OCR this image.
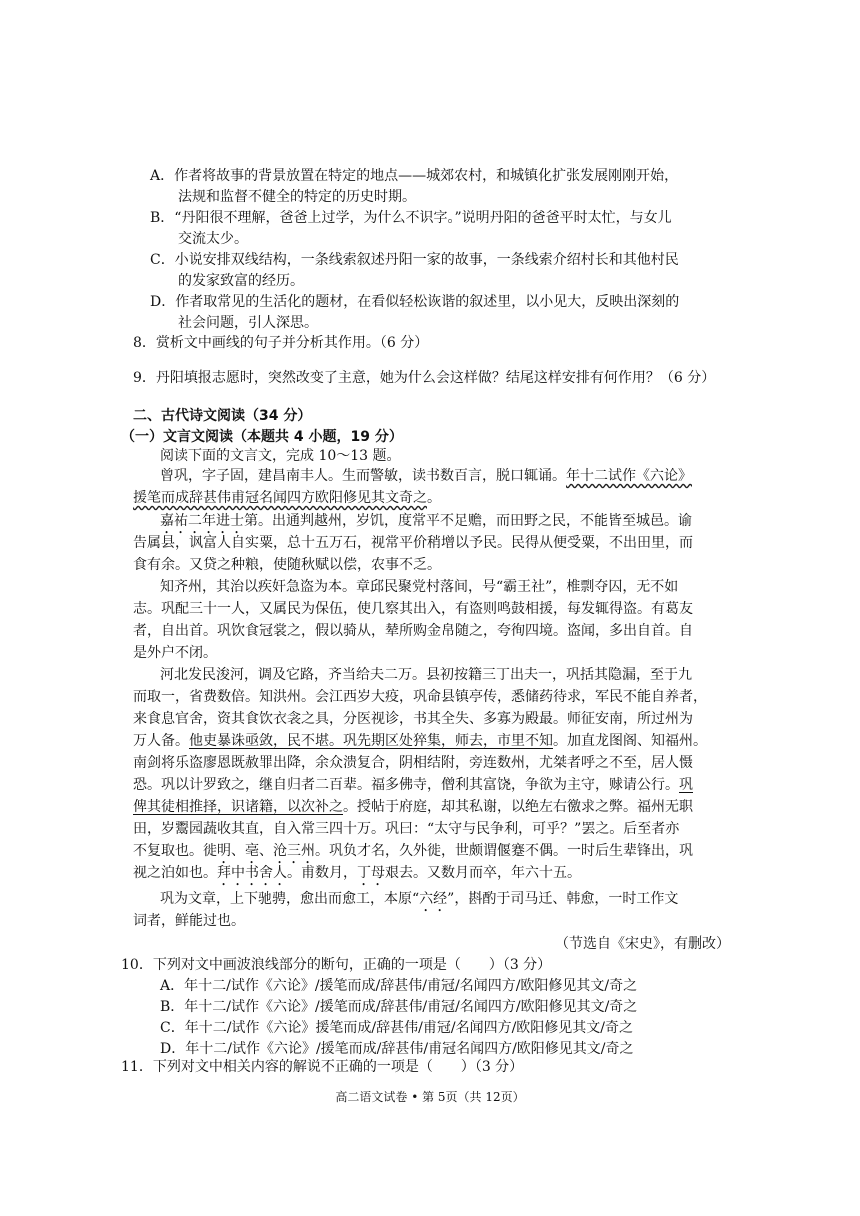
A．作者将故事的背景放置在特定的地点——城郊农村，和城镇化扩张发展刚刚开始，
法规和监督不健全的特定的历史时期。
B．“丹阳很不理解，爸爸上过学，为什么不识字。”说明丹阳的爸爸平时太忙，与女儿
交流太少。
C．小说安排双线结构，一条线索叙述丹阳一家的故事，一条线索介绍村长和其他村民
的发家致富的经历。
D．作者取常见的生活化的题材，在看似轻松诙谐的叙述里，以小见大，反映出深刻的
社会问题，引人深思。
8．赏析文中画线的句子并分析其作用。（6 分）
9．丹阳填报志愿时，突然改变了主意，她为什么会这样做？结尾这样安排有何作用？（6 分）
二、古代诗文阅读（34 分）
（一）文言文阅读（本题共 4 小题，19 分）
阅读下面的文言文，完成 10～13 题。
曾巩，字子固，建昌南丰人。生而警敏，读书数百言，脱口辄诵。年十二试作《六论》
援笔而成辞甚伟甫冠名闻四方欧阳修见其文奇之。
嘉祐二年进士第。出通判越州，岁饥，度常平不足赡，而田野之民，不能皆至城邑。谕
告属县，讽富人自实粟，总十五万石，视常平价稍增以予民。民得从便受粟，不出田里，而
食有余。又贷之种粮，使随秋赋以偿，农事不乏。
知齐州，其治以疾奸急盗为本。章邱民聚党村落间，号“霸王社”，椎剽夺囚，无不如
志。巩配三十一人，又属民为保伍，使几察其出入，有盗则鸣鼓相援，每发辄得盗。有葛友
者，自出首。巩饮食冠裳之，假以骑从，辇所购金帛随之，夸徇四境。盗闻，多出自首。自
是外户不闭。
河北发民浚河，调及它路，齐当给夫二万。县初按籍三丁出夫一，巩括其隐漏，至于九
而取一，省费数倍。知洪州。会江西岁大疫，巩命县镇亭传，悉储药待求，军民不能自养者，
来食息官舍，资其食饮衣衾之具，分医视诊，书其全失、多寡为殿最。师征安南，所过州为
万人备。他吏暴诛亟敛，民不堪。巩先期区处猝集，师去，市里不知。加直龙图阁、知福州。
南剑将乐盗廖恩既赦罪出降，余众溃复合，阴相结附，旁连数州，尤桀者呼之不至，居人慑
恐。巩以计罗致之，继自归者二百辈。福多佛寺，僧利其富饶，争欲为主守，赇请公行。巩
俾其徒相推择，识诸籍，以次补之。授帖于府庭，却其私谢，以绝左右徼求之弊。福州无职
田，岁鬻园蔬收其直，自入常三四十万。巩曰：“太守与民争利，可乎？”罢之。后至者亦
不复取也。徙明、亳、沧三州。巩负才名，久外徙，世颇谓偃蹇不偶。一时后生辈锋出，巩
视之泊如也。拜中书舍人。甫数月，丁母艰去。又数月而卒，年六十五。
巩为文章，上下驰骋，愈出而愈工，本原“六经”，斟酌于司马迁、韩愈，一时工作文
词者，鲜能过也。
（节选自《宋史》，有删改）
10．下列对文中画波浪线部分的断句，正确的一项是（　　）（3 分）
A．年十二/试作《六论》/援笔而成/辞甚伟/甫冠/名闻四方/欧阳修见其文/奇之
B．年十二/试作《六论》/援笔而成/辞甚伟/甫冠/名闻四方/欧阳修见其文/奇之
C．年十二/试作《六论》援笔而成/辞甚伟/甫冠/名闻四方/欧阳修见其文/奇之
D．年十二/试作《六论》/援笔而成/辞甚伟/甫冠名闻四方/欧阳修见其文/奇之
11．下列对文中相关内容的解说不正确的一项是（　　）（3 分）
高二语文试卷 • 第 5页（共 12页）
